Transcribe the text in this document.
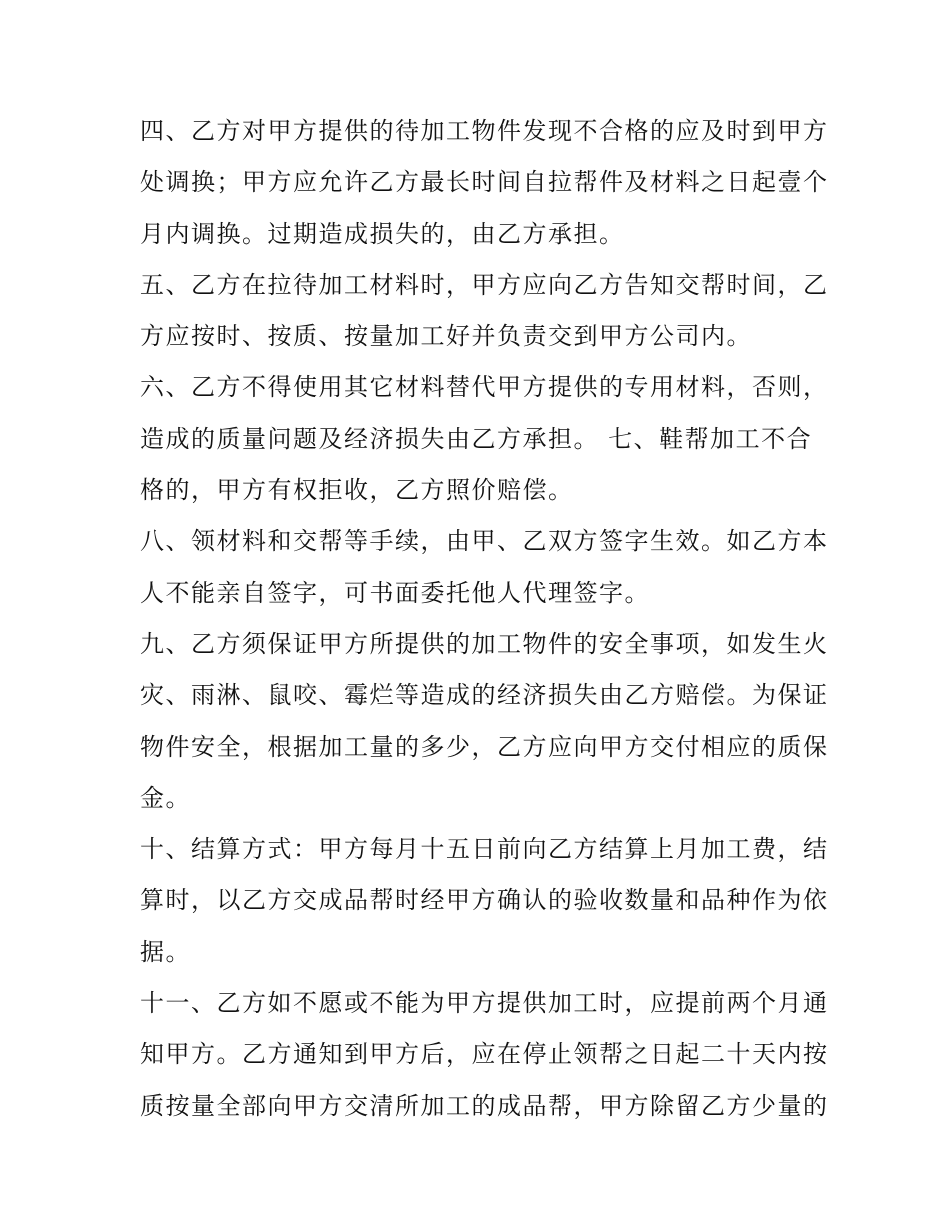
四、乙方对甲方提供的待加工物件发现不合格的应及时到甲方
处调换；甲方应允许乙方最长时间自拉帮件及材料之日起壹个
月内调换。过期造成损失的，由乙方承担。
五、乙方在拉待加工材料时，甲方应向乙方告知交帮时间，乙
方应按时、按质、按量加工好并负责交到甲方公司内。
六、乙方不得使用其它材料替代甲方提供的专用材料，否则，
造成的质量问题及经济损失由乙方承担。 七、鞋帮加工不合
格的，甲方有权拒收，乙方照价赔偿。
八、领材料和交帮等手续，由甲、乙双方签字生效。如乙方本
人不能亲自签字，可书面委托他人代理签字。
九、乙方须保证甲方所提供的加工物件的安全事项，如发生火
灾、雨淋、鼠咬、霉烂等造成的经济损失由乙方赔偿。为保证
物件安全，根据加工量的多少，乙方应向甲方交付相应的质保
金。
十、结算方式：甲方每月十五日前向乙方结算上月加工费，结
算时，以乙方交成品帮时经甲方确认的验收数量和品种作为依
据。
十一、乙方如不愿或不能为甲方提供加工时，应提前两个月通
知甲方。乙方通知到甲方后，应在停止领帮之日起二十天内按
质按量全部向甲方交清所加工的成品帮，甲方除留乙方少量的
